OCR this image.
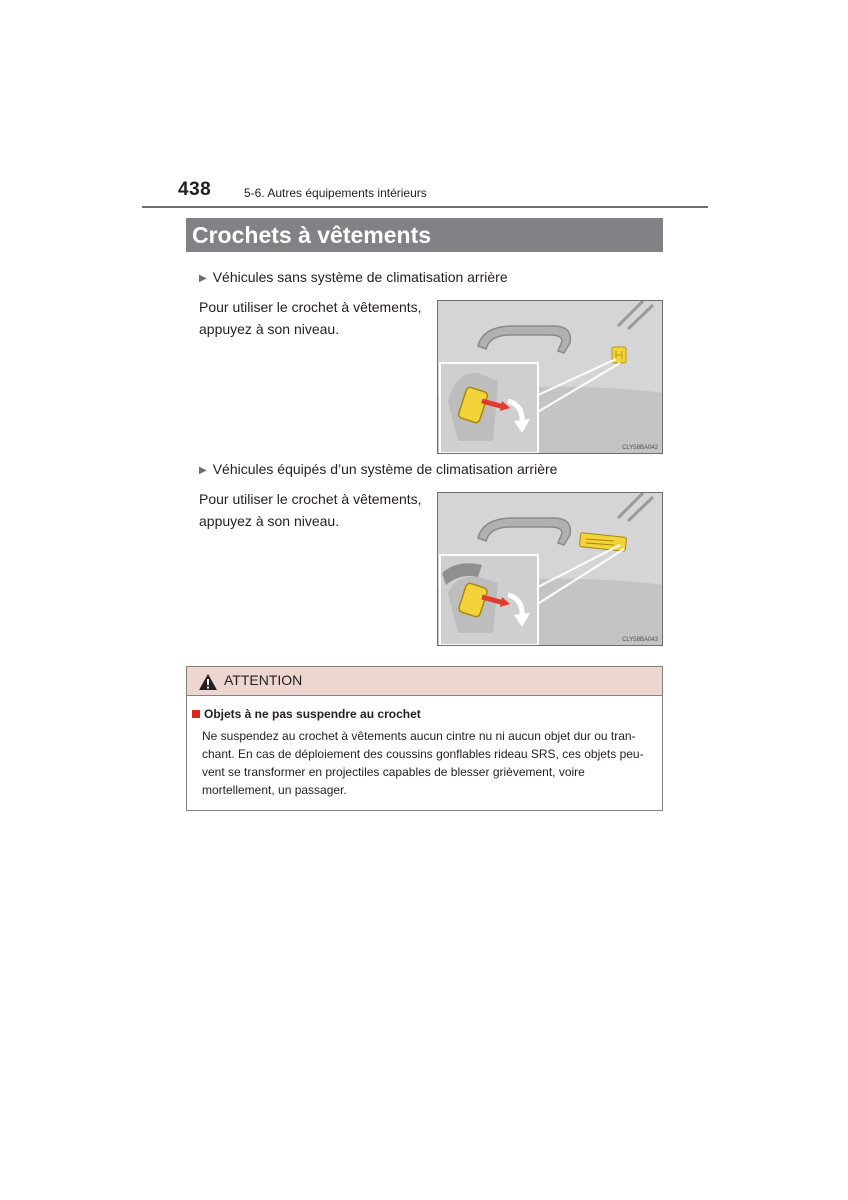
438	5-6. Autres équipements intérieurs
Crochets à vêtements
▶ Véhicules sans système de climatisation arrière
Pour utiliser le crochet à vêtements,
appuyez à son niveau.
CLY58BA042
▶ Véhicules équipés d’un système de climatisation arrière
Pour utiliser le crochet à vêtements,
appuyez à son niveau.
CLY58BA043
ATTENTION
Objets à ne pas suspendre au crochet
Ne suspendez au crochet à vêtements aucun cintre nu ni aucun objet dur ou tran-
chant. En cas de déploiement des coussins gonflables rideau SRS, ces objets peu-
vent se transformer en projectiles capables de blesser grièvement, voire
mortellement, un passager.
